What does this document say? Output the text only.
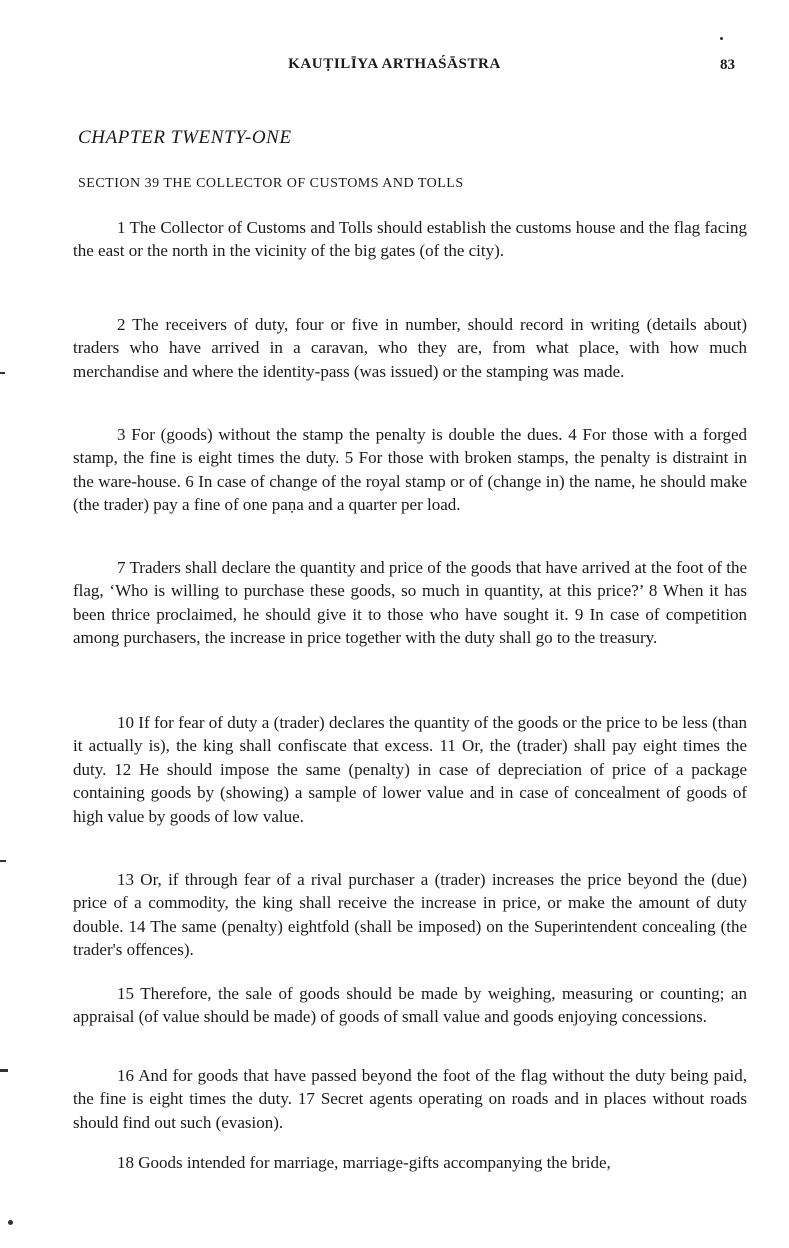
KAUṬILĪYA ARTHAŚĀSTRA	83
CHAPTER TWENTY-ONE
SECTION 39 THE COLLECTOR OF CUSTOMS AND TOLLS

1 The Collector of Customs and Tolls should establish the customs house and the flag facing the east or the north in the vicinity of the big gates (of the city).

2 The receivers of duty, four or five in number, should record in writing (details about) traders who have arrived in a caravan, who they are, from what place, with how much merchandise and where the identity-pass (was issued) or the stamping was made.

3 For (goods) without the stamp the penalty is double the dues. 4 For those with a forged stamp, the fine is eight times the duty. 5 For those with broken stamps, the penalty is distraint in the ware-house. 6 In case of change of the royal stamp or of (change in) the name, he should make (the trader) pay a fine of one paṇa and a quarter per load.

7 Traders shall declare the quantity and price of the goods that have arrived at the foot of the flag, ‘Who is willing to purchase these goods, so much in quantity, at this price?’ 8 When it has been thrice proclaimed, he should give it to those who have sought it. 9 In case of competition among purchasers, the increase in price together with the duty shall go to the treasury.

10 If for fear of duty a (trader) declares the quantity of the goods or the price to be less (than it actually is), the king shall confiscate that excess. 11 Or, the (trader) shall pay eight times the duty. 12 He should impose the same (penalty) in case of depreciation of price of a package containing goods by (showing) a sample of lower value and in case of concealment of goods of high value by goods of low value.

13 Or, if through fear of a rival purchaser a (trader) increases the price beyond the (due) price of a commodity, the king shall receive the increase in price, or make the amount of duty double. 14 The same (penalty) eightfold (shall be imposed) on the Superintendent concealing (the trader's offences).

15 Therefore, the sale of goods should be made by weighing, measuring or counting; an appraisal (of value should be made) of goods of small value and goods enjoying concessions.

16 And for goods that have passed beyond the foot of the flag without the duty being paid, the fine is eight times the duty. 17 Secret agents operating on roads and in places without roads should find out such (evasion).

18 Goods intended for marriage, marriage-gifts accompanying the bride,
